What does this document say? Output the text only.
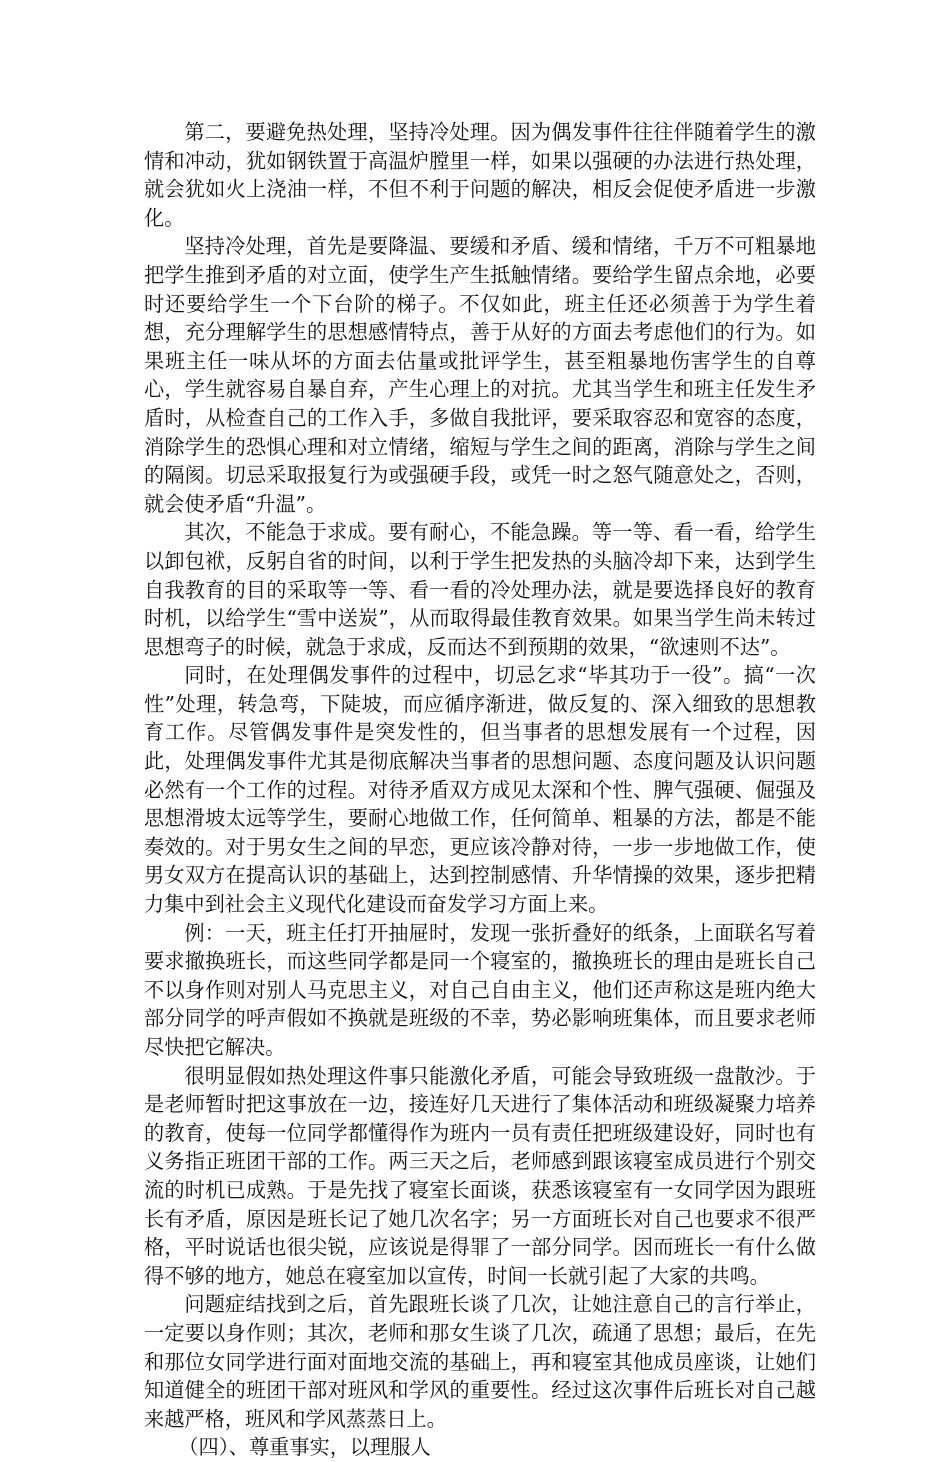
第二，要避免热处理，坚持冷处理。因为偶发事件往往伴随着学生的激情和冲动，犹如钢铁置于高温炉膛里一样，如果以强硬的办法进行热处理，就会犹如火上浇油一样，不但不利于问题的解决，相反会促使矛盾进一步激化。

坚持冷处理，首先是要降温、要缓和矛盾、缓和情绪，千万不可粗暴地把学生推到矛盾的对立面，使学生产生抵触情绪。要给学生留点余地，必要时还要给学生一个下台阶的梯子。不仅如此，班主任还必须善于为学生着想，充分理解学生的思想感情特点，善于从好的方面去考虑他们的行为。如果班主任一味从坏的方面去估量或批评学生，甚至粗暴地伤害学生的自尊心，学生就容易自暴自弃，产生心理上的对抗。尤其当学生和班主任发生矛盾时，从检查自己的工作入手，多做自我批评，要采取容忍和宽容的态度，消除学生的恐惧心理和对立情绪，缩短与学生之间的距离，消除与学生之间的隔阂。切忌采取报复行为或强硬手段，或凭一时之怒气随意处之，否则，就会使矛盾“升温”。

其次，不能急于求成。要有耐心，不能急躁。等一等、看一看，给学生以卸包袱，反躬自省的时间，以利于学生把发热的头脑冷却下来，达到学生自我教育的目的采取等一等、看一看的冷处理办法，就是要选择良好的教育时机，以给学生“雪中送炭”，从而取得最佳教育效果。如果当学生尚未转过思想弯子的时候，就急于求成，反而达不到预期的效果，“欲速则不达”。

同时，在处理偶发事件的过程中，切忌乞求“毕其功于一役”。搞“一次性”处理，转急弯，下陡坡，而应循序渐进，做反复的、深入细致的思想教育工作。尽管偶发事件是突发性的，但当事者的思想发展有一个过程，因此，处理偶发事件尤其是彻底解决当事者的思想问题、态度问题及认识问题必然有一个工作的过程。对待矛盾双方成见太深和个性、脾气强硬、倔强及思想滑坡太远等学生，要耐心地做工作，任何简单、粗暴的方法，都是不能奏效的。对于男女生之间的早恋，更应该冷静对待，一步一步地做工作，使男女双方在提高认识的基础上，达到控制感情、升华情操的效果，逐步把精力集中到社会主义现代化建设而奋发学习方面上来。

例：一天，班主任打开抽屉时，发现一张折叠好的纸条，上面联名写着要求撤换班长，而这些同学都是同一个寝室的，撤换班长的理由是班长自己不以身作则对别人马克思主义，对自己自由主义，他们还声称这是班内绝大部分同学的呼声假如不换就是班级的不幸，势必影响班集体，而且要求老师尽快把它解决。

很明显假如热处理这件事只能激化矛盾，可能会导致班级一盘散沙。于是老师暂时把这事放在一边，接连好几天进行了集体活动和班级凝聚力培养的教育，使每一位同学都懂得作为班内一员有责任把班级建设好，同时也有义务指正班团干部的工作。两三天之后，老师感到跟该寝室成员进行个别交流的时机已成熟。于是先找了寝室长面谈，获悉该寝室有一女同学因为跟班长有矛盾，原因是班长记了她几次名字；另一方面班长对自己也要求不很严格，平时说话也很尖锐，应该说是得罪了一部分同学。因而班长一有什么做得不够的地方，她总在寝室加以宣传，时间一长就引起了大家的共鸣。

问题症结找到之后，首先跟班长谈了几次，让她注意自己的言行举止，一定要以身作则；其次，老师和那女生谈了几次，疏通了思想；最后，在先和那位女同学进行面对面地交流的基础上，再和寝室其他成员座谈，让她们知道健全的班团干部对班风和学风的重要性。经过这次事件后班长对自己越来越严格，班风和学风蒸蒸日上。

（四）、尊重事实，以理服人
